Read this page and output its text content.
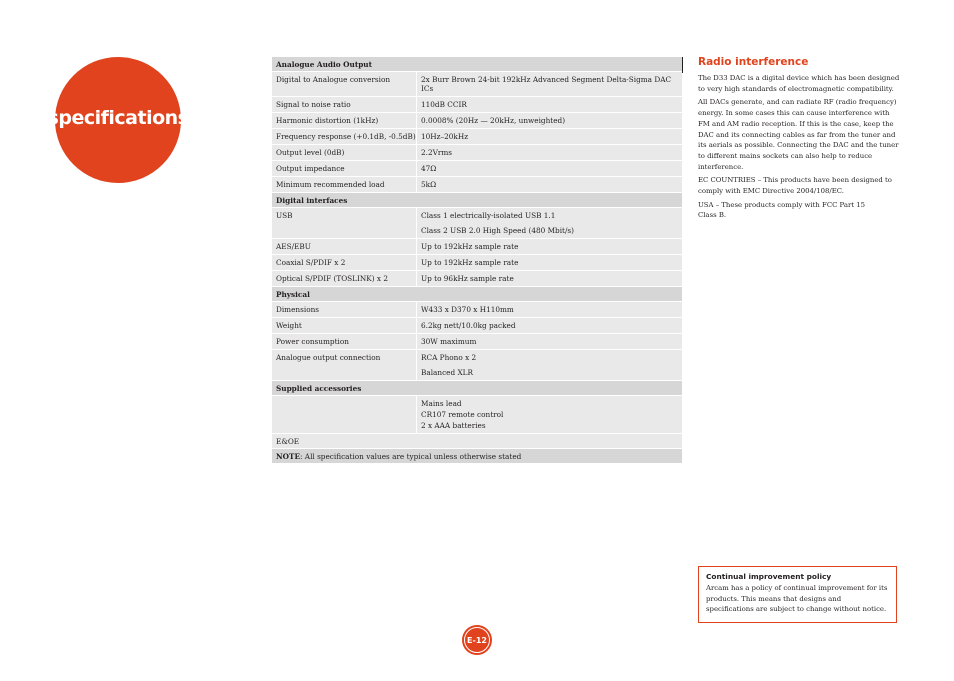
specifications
Analogue Audio Output
Digital to Analogue conversion	2x Burr Brown 24-bit 192kHz Advanced Segment Delta-Sigma DAC ICs
Signal to noise ratio	110dB CCIR
Harmonic distortion (1kHz)	0.0008% (20Hz — 20kHz, unweighted)
Frequency response (+0.1dB, -0.5dB) 10Hz–20kHz
Output level (0dB)	2.2Vrms
Output impedance	47Ω
Minimum recommended load	5kΩ
Digital interfaces
USB	Class 1 electrically-isolated USB 1.1
Class 2 USB 2.0 High Speed (480 Mbit/s)
AES/EBU	Up to 192kHz sample rate
Coaxial S/PDIF x 2	Up to 192kHz sample rate
Optical S/PDIF (TOSLINK) x 2	Up to 96kHz sample rate
Physical
Dimensions	W433 x D370 x H110mm
Weight	6.2kg nett/10.0kg packed
Power consumption	30W maximum
Analogue output connection	RCA Phono x 2
Balanced XLR
Supplied accessories
Mains lead
CR107 remote control
2 x AAA batteries
E&OE
NOTE: All specification values are typical unless otherwise stated
Radio interference

The D33 DAC is a digital device which has been designed to very high standards of electromagnetic compatibility.

All DACs generate, and can radiate RF (radio frequency) energy. In some cases this can cause interference with FM and AM radio reception. If this is the case, keep the DAC and its connecting cables as far from the tuner and its aerials as possible. Connecting the DAC and the tuner to different mains sockets can also help to reduce interference.

EC COUNTRIES – This products have been designed to comply with EMC Directive 2004/108/EC.

USA – These products comply with FCC Part 15 Class B.

Continual improvement policy
Arcam has a policy of continual improvement for its products. This means that designs and specifications are subject to change without notice.
E-12
